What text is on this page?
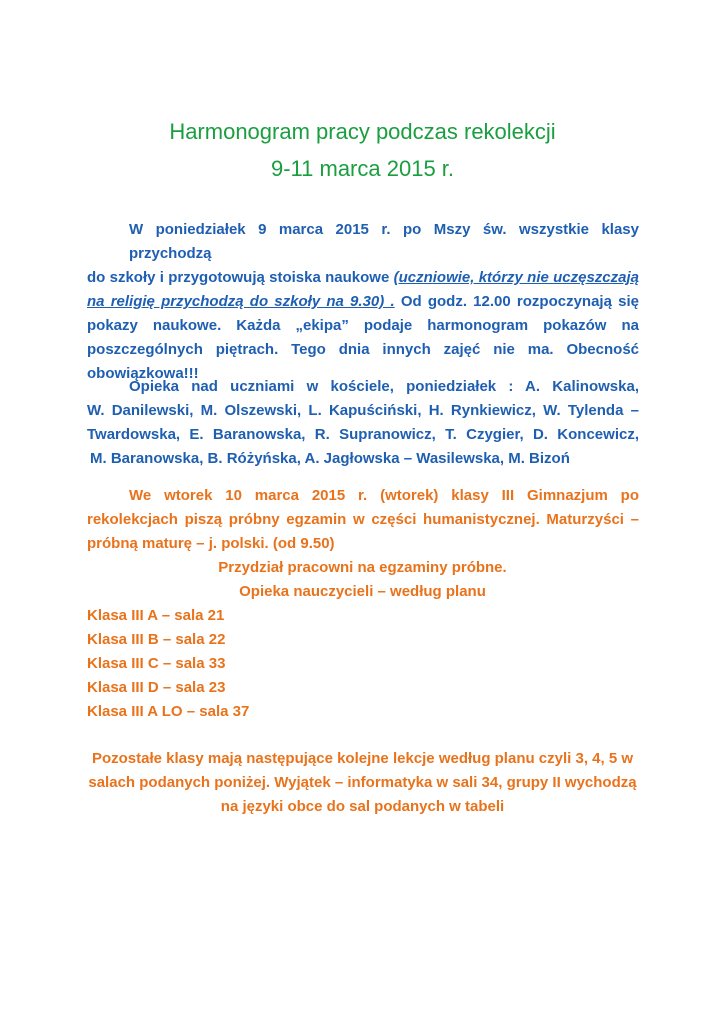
Harmonogram pracy podczas rekolekcji
9-11 marca 2015 r.
W poniedziałek 9 marca 2015 r. po Mszy św. wszystkie klasy przychodzą
do szkoły i przygotowują stoiska naukowe (uczniowie, którzy nie uczęszczają
na religię przychodzą do szkoły na 9.30) . Od godz. 12.00 rozpoczynają się
pokazy naukowe. Każda „ekipa” podaje harmonogram pokazów na
poszczególnych piętrach. Tego dnia innych zajęć nie ma. Obecność
obowiązkowa!!!
Opieka nad uczniami w kościele, poniedziałek : A. Kalinowska,
W. Danilewski, M. Olszewski, L. Kapuściński, H. Rynkiewicz, W. Tylenda –
Twardowska, E. Baranowska, R. Supranowicz, T. Czygier, D. Koncewicz,
M. Baranowska, B. Różyńska, A. Jagłowska – Wasilewska, M. Bizoń
We wtorek 10 marca 2015 r. (wtorek) klasy III Gimnazjum po
rekolekcjach piszą próbny egzamin w części humanistycznej. Maturzyści –
próbną maturę – j. polski. (od 9.50)
Przydział pracowni na egzaminy próbne.
Opieka nauczycieli – według planu
Klasa III A – sala 21
Klasa III B – sala 22
Klasa III C – sala 33
Klasa III D – sala 23
Klasa III A LO – sala 37
Pozostałe klasy mają następujące kolejne lekcje według planu czyli 3, 4, 5 w
salach podanych poniżej. Wyjątek – informatyka w sali 34, grupy II wychodzą
na języki obce do sal podanych w tabeli
